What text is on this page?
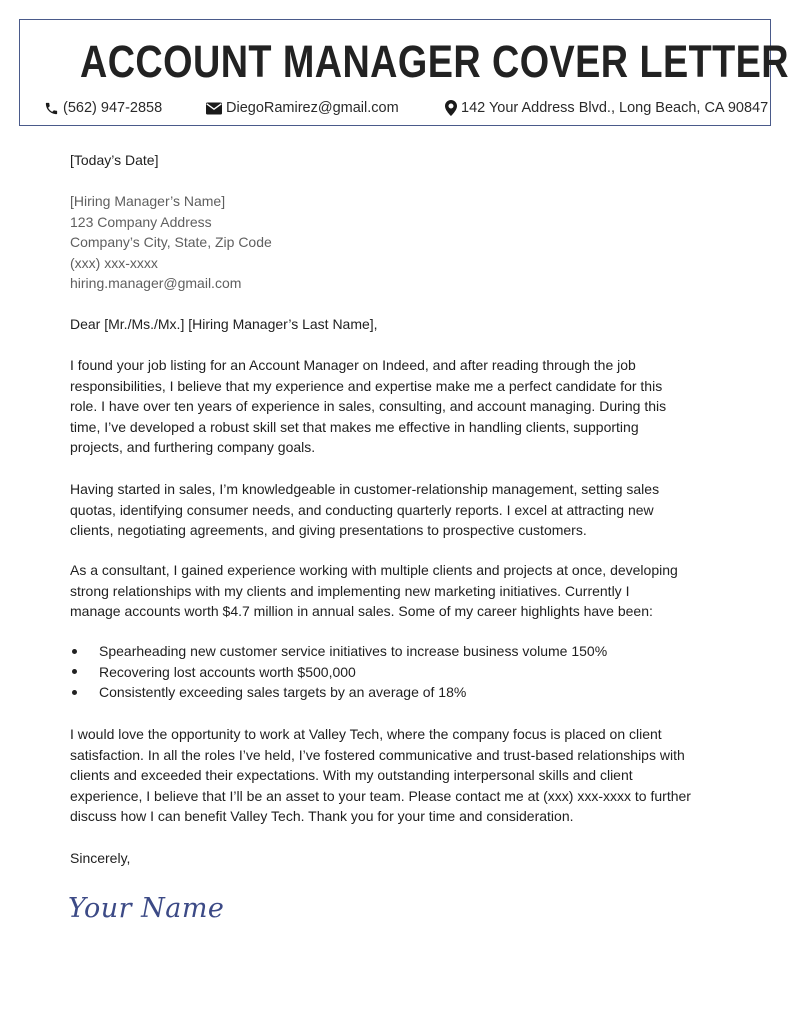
ACCOUNT MANAGER COVER LETTER
(562) 947-2858	DiegoRamirez@gmail.com	142 Your Address Blvd., Long Beach, CA 90847
[Today’s Date]
[Hiring Manager’s Name]
123 Company Address
Company’s City, State, Zip Code
(xxx) xxx-xxxx
hiring.manager@gmail.com
Dear [Mr./Ms./Mx.] [Hiring Manager’s Last Name],
I found your job listing for an Account Manager on Indeed, and after reading through the job
responsibilities, I believe that my experience and expertise make me a perfect candidate for this
role. I have over ten years of experience in sales, consulting, and account managing. During this
time, I’ve developed a robust skill set that makes me effective in handling clients, supporting
projects, and furthering company goals.
Having started in sales, I’m knowledgeable in customer-relationship management, setting sales
quotas, identifying consumer needs, and conducting quarterly reports. I excel at attracting new
clients, negotiating agreements, and giving presentations to prospective customers.
As a consultant, I gained experience working with multiple clients and projects at once, developing
strong relationships with my clients and implementing new marketing initiatives. Currently I
manage accounts worth $4.7 million in annual sales. Some of my career highlights have been:
Spearheading new customer service initiatives to increase business volume 150%
Recovering lost accounts worth $500,000
Consistently exceeding sales targets by an average of 18%
I would love the opportunity to work at Valley Tech, where the company focus is placed on client
satisfaction. In all the roles I’ve held, I’ve fostered communicative and trust-based relationships with
clients and exceeded their expectations. With my outstanding interpersonal skills and client
experience, I believe that I’ll be an asset to your team. Please contact me at (xxx) xxx-xxxx to further
discuss how I can benefit Valley Tech. Thank you for your time and consideration.
Sincerely,
Your Name
